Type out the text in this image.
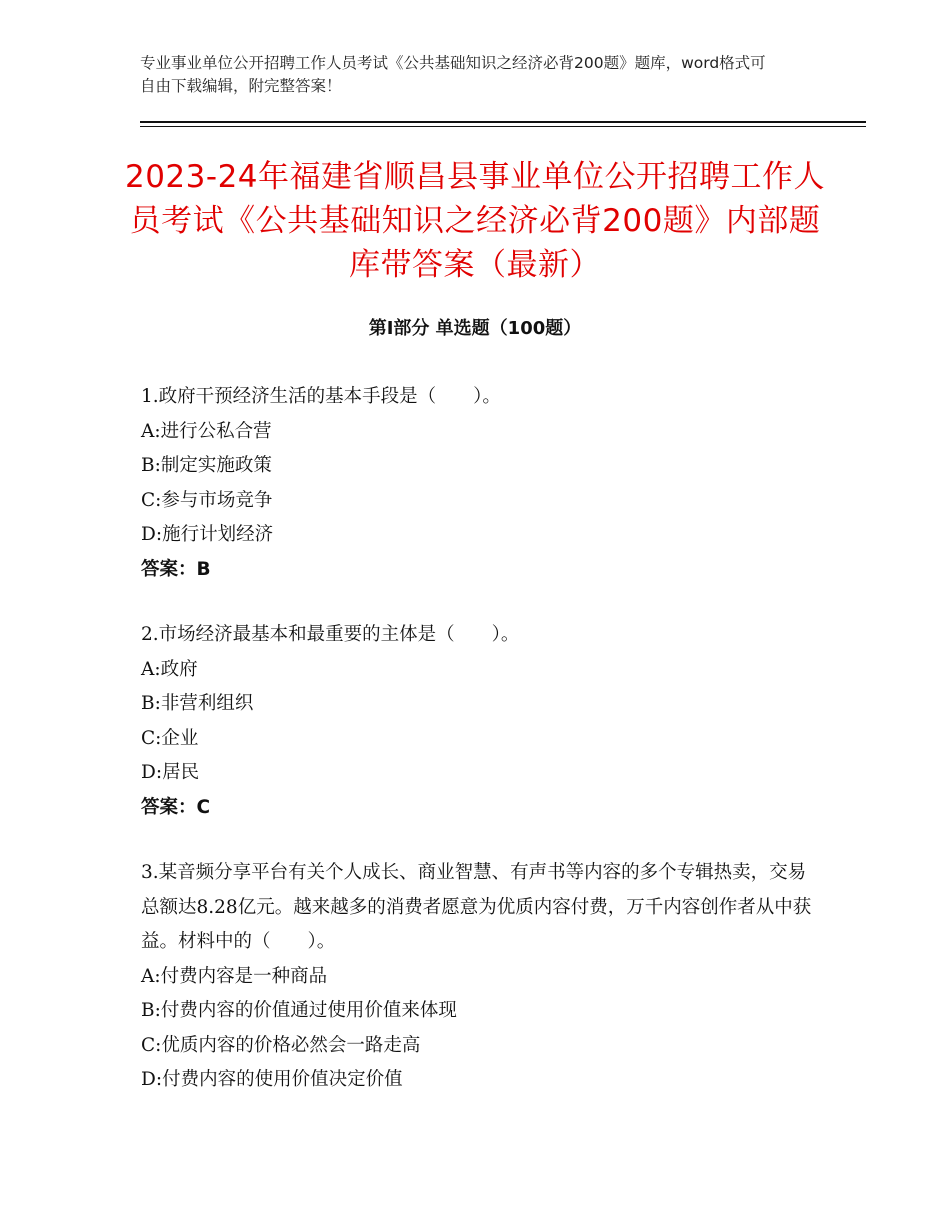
专业事业单位公开招聘工作人员考试《公共基础知识之经济必背200题》题库，word格式可自由下载编辑，附完整答案！
2023-24年福建省顺昌县事业单位公开招聘工作人员考试《公共基础知识之经济必背200题》内部题库带答案（最新）
第Ⅰ部分 单选题（100题）

1.政府干预经济生活的基本手段是（　　）。

A:进行公私合营

B:制定实施政策

C:参与市场竞争

D:施行计划经济

答案：B

2.市场经济最基本和最重要的主体是（　　）。

A:政府

B:非营利组织

C:企业

D:居民

答案：C

3.某音频分享平台有关个人成长、商业智慧、有声书等内容的多个专辑热卖，交易总额达8.28亿元。越来越多的消费者愿意为优质内容付费，万千内容创作者从中获益。材料中的（　　）。

A:付费内容是一种商品

B:付费内容的价值通过使用价值来体现

C:优质内容的价格必然会一路走高

D:付费内容的使用价值决定价值
